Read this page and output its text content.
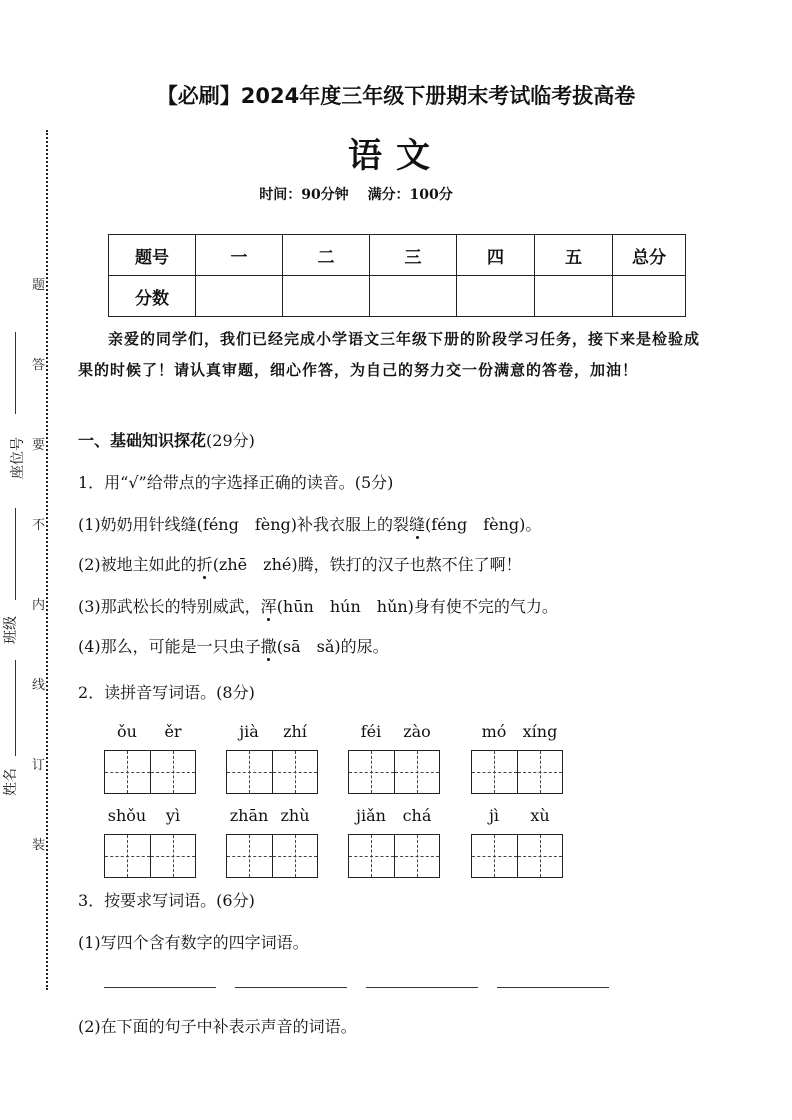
【必刷】2024年度三年级下册期末考试临考拔高卷
语文
时间：90分钟 满分：100分
题号	一	二	三	四	五	总分
分数						
亲爱的同学们，我们已经完成小学语文三年级下册的阶段学习任务，接下来是检验成果的时候了！请认真审题，细心作答，为自己的努力交一份满意的答卷，加油！
一、基础知识探花(29分)
1．用“√”给带点的字选择正确的读音。(5分)
(1)奶奶用针线缝(féng　fèng)补我衣服上的裂缝(féng　fèng)。
(2)被地主如此的折(zhē　zhé)腾，铁打的汉子也熬不住了啊！
(3)那武松长的特别威武，浑(hūn　hún　hǔn)身有使不完的气力。
(4)那么，可能是一只虫子撒(sā　sǎ)的尿。
2．读拼音写词语。(8分)
ǒu	ěr	jià	zhí	féi	zào	mó	xíng
shǒu	yì	zhān zhù	jiǎn	chá	jì	xù
3．按要求写词语。(6分)
(1)写四个含有数字的四字词语。
(2)在下面的句子中补表示声音的词语。
题
答
要
不
内
线
订
装
座位号
班级
姓名
